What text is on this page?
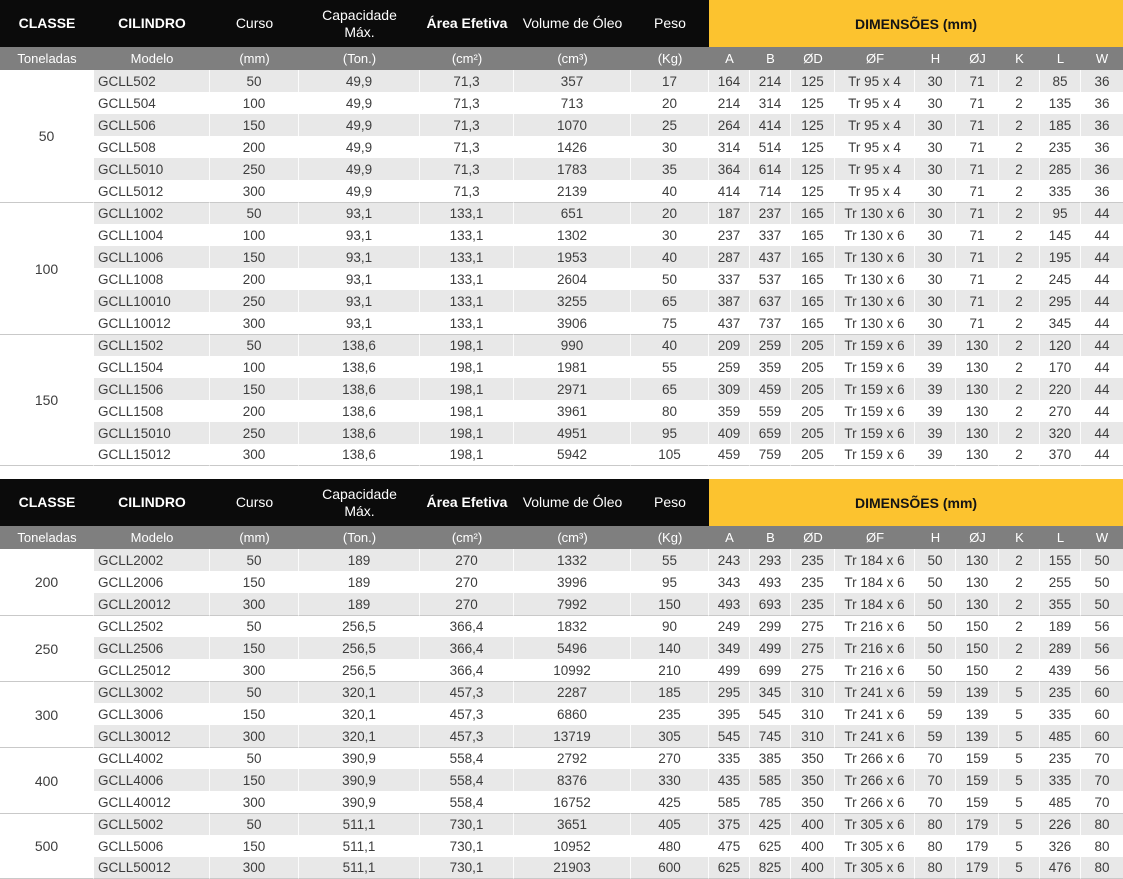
CLASSE	CILINDRO	Curso	Capacidade Máx.	Área Efetiva	Volume de Óleo	Peso	DIMENSÕES (mm)								
Toneladas	Modelo	(mm)	(Ton.)	(cm²)	(cm³)	(Kg)	A	B	ØD	ØF	H	ØJ	K	L	W
50	GCLL502	50	49,9	71,3	357	17	164	214	125	Tr 95 x 4	30	71	2	85	36
	GCLL504	100	49,9	71,3	713	20	214	314	125	Tr 95 x 4	30	71	2	135	36
	GCLL506	150	49,9	71,3	1070	25	264	414	125	Tr 95 x 4	30	71	2	185	36
	GCLL508	200	49,9	71,3	1426	30	314	514	125	Tr 95 x 4	30	71	2	235	36
	GCLL5010	250	49,9	71,3	1783	35	364	614	125	Tr 95 x 4	30	71	2	285	36
	GCLL5012	300	49,9	71,3	2139	40	414	714	125	Tr 95 x 4	30	71	2	335	36
100	GCLL1002	50	93,1	133,1	651	20	187	237	165	Tr 130 x 6	30	71	2	95	44
	GCLL1004	100	93,1	133,1	1302	30	237	337	165	Tr 130 x 6	30	71	2	145	44
	GCLL1006	150	93,1	133,1	1953	40	287	437	165	Tr 130 x 6	30	71	2	195	44
	GCLL1008	200	93,1	133,1	2604	50	337	537	165	Tr 130 x 6	30	71	2	245	44
	GCLL10010	250	93,1	133,1	3255	65	387	637	165	Tr 130 x 6	30	71	2	295	44
	GCLL10012	300	93,1	133,1	3906	75	437	737	165	Tr 130 x 6	30	71	2	345	44
150	GCLL1502	50	138,6	198,1	990	40	209	259	205	Tr 159 x 6	39	130	2	120	44
	GCLL1504	100	138,6	198,1	1981	55	259	359	205	Tr 159 x 6	39	130	2	170	44
	GCLL1506	150	138,6	198,1	2971	65	309	459	205	Tr 159 x 6	39	130	2	220	44
	GCLL1508	200	138,6	198,1	3961	80	359	559	205	Tr 159 x 6	39	130	2	270	44
	GCLL15010	250	138,6	198,1	4951	95	409	659	205	Tr 159 x 6	39	130	2	320	44
	GCLL15012	300	138,6	198,1	5942	105	459	759	205	Tr 159 x 6	39	130	2	370	44
CLASSE	CILINDRO	Curso	Capacidade Máx.	Área Efetiva	Volume de Óleo	Peso	DIMENSÕES (mm)								
Toneladas	Modelo	(mm)	(Ton.)	(cm²)	(cm³)	(Kg)	A	B	ØD	ØF	H	ØJ	K	L	W
200	GCLL2002	50	189	270	1332	55	243	293	235	Tr 184 x 6	50	130	2	155	50
	GCLL2006	150	189	270	3996	95	343	493	235	Tr 184 x 6	50	130	2	255	50
	GCLL20012	300	189	270	7992	150	493	693	235	Tr 184 x 6	50	130	2	355	50
250	GCLL2502	50	256,5	366,4	1832	90	249	299	275	Tr 216 x 6	50	150	2	189	56
	GCLL2506	150	256,5	366,4	5496	140	349	499	275	Tr 216 x 6	50	150	2	289	56
	GCLL25012	300	256,5	366,4	10992	210	499	699	275	Tr 216 x 6	50	150	2	439	56
300	GCLL3002	50	320,1	457,3	2287	185	295	345	310	Tr 241 x 6	59	139	5	235	60
	GCLL3006	150	320,1	457,3	6860	235	395	545	310	Tr 241 x 6	59	139	5	335	60
	GCLL30012	300	320,1	457,3	13719	305	545	745	310	Tr 241 x 6	59	139	5	485	60
400	GCLL4002	50	390,9	558,4	2792	270	335	385	350	Tr 266 x 6	70	159	5	235	70
	GCLL4006	150	390,9	558,4	8376	330	435	585	350	Tr 266 x 6	70	159	5	335	70
	GCLL40012	300	390,9	558,4	16752	425	585	785	350	Tr 266 x 6	70	159	5	485	70
500	GCLL5002	50	511,1	730,1	3651	405	375	425	400	Tr 305 x 6	80	179	5	226	80
	GCLL5006	150	511,1	730,1	10952	480	475	625	400	Tr 305 x 6	80	179	5	326	80
	GCLL50012	300	511,1	730,1	21903	600	625	825	400	Tr 305 x 6	80	179	5	476	80
